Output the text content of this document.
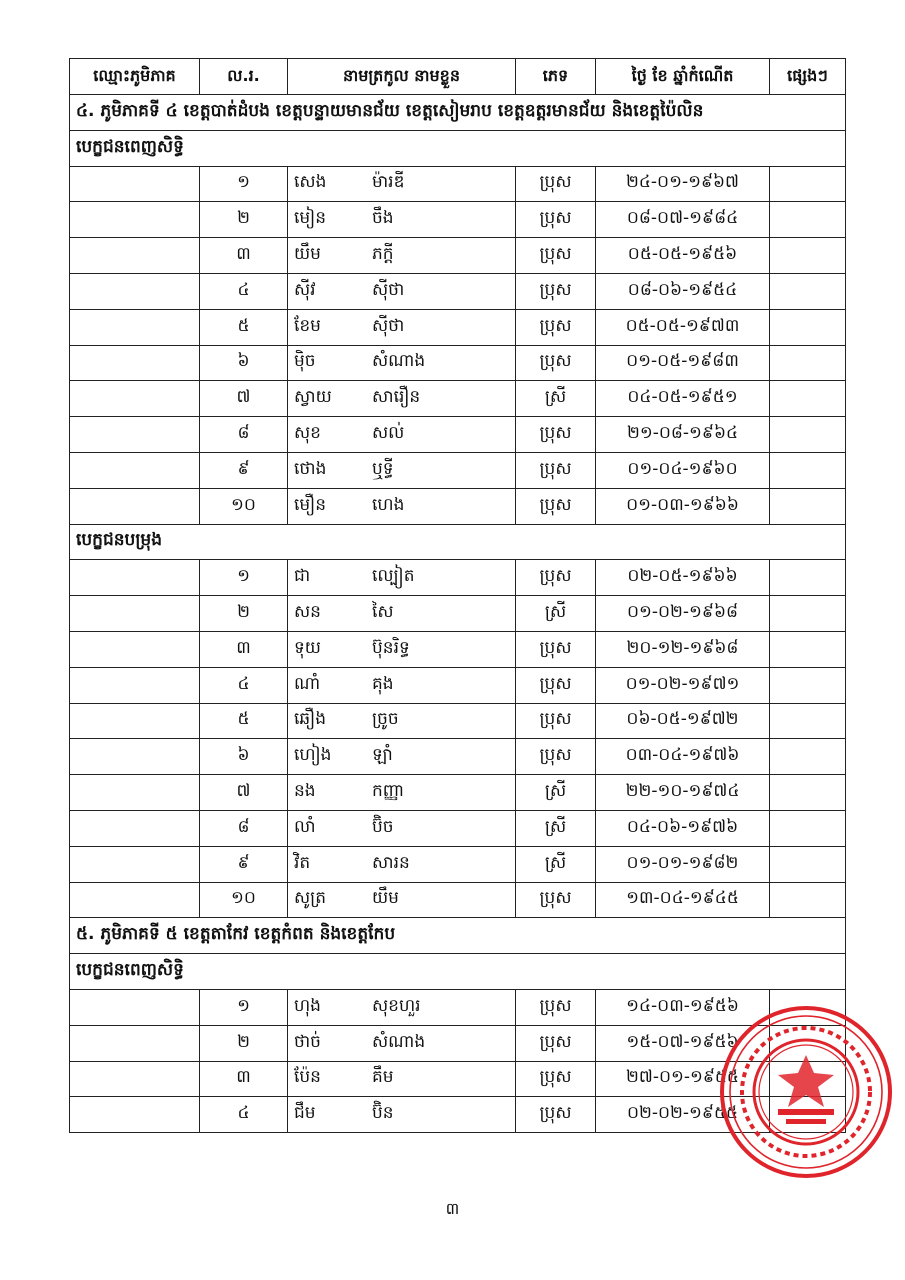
ឈ្មោះភូមិភាគ	ល.រ.	នាមត្រកូល នាមខ្លួន	ភេទ	ថ្ងៃ ខែ ឆ្នាំកំណើត	ផ្សេងៗ
៤. ភូមិភាគទី ៤ ខេត្តបាត់ដំបង ខេត្តបន្ទាយមានជ័យ ខេត្តសៀមរាប ខេត្តឧត្តរមានជ័យ និងខេត្តប៉ៃលិន					
បេក្ខជនពេញសិទ្ធិ					
	១	សេង ម៉ារឌី	ប្រុស	២៤-០១-១៩៦៧	
	២	មៀន ចឹង	ប្រុស	០៨-០៧-១៩៨៤	
	៣	យឹម ភក្តី	ប្រុស	០៥-០៥-១៩៥៦	
	៤	ស៊ីវ ស៊ីថា	ប្រុស	០៨-០៦-១៩៥៤	
	៥	ខែម ស៊ីថា	ប្រុស	០៥-០៥-១៩៧៣	
	៦	ម៉ិច សំណាង	ប្រុស	០១-០៥-១៩៨៣	
	៧	ស្វាយ សារឿន	ស្រី	០៤-០៥-១៩៥១	
	៨	សុខ សល់	ប្រុស	២១-០៨-១៩៦៤	
	៩	ថោង ឬទ្ធី	ប្រុស	០១-០៤-១៩៦០	
	១០	មឿន ហេង	ប្រុស	០១-០៣-១៩៦៦	
បេក្ខជនបម្រុង					
	១	ជា ល្បៀត	ប្រុស	០២-០៥-១៩៦៦	
	២	សន សៃ	ស្រី	០១-០២-១៩៦៨	
	៣	ទុយ ប៊ុនរិទ្ធ	ប្រុស	២០-១២-១៩៦៨	
	៤	ណាំ គុង	ប្រុស	០១-០២-១៩៧១	
	៥	ឆឿង ច្រូច	ប្រុស	០៦-០៥-១៩៧២	
	៦	ហៀង ឡាំ	ប្រុស	០៣-០៤-១៩៧៦	
	៧	នង កញ្ញា	ស្រី	២២-១០-១៩៧៤	
	៨	លាំ ប៊ិច	ស្រី	០៤-០៦-១៩៧៦	
	៩	វិត សារន	ស្រី	០១-០១-១៩៨២	
	១០	សូត្រ យឹម	ប្រុស	១៣-០៤-១៩៤៥	
៥. ភូមិភាគទី ៥ ខេត្តតាកែវ ខេត្តកំពត និងខេត្តកែប					
បេក្ខជនពេញសិទ្ធិ					
	១	ហុង សុខហួរ	ប្រុស	១៤-០៣-១៩៥៦	
	២	ថាច់ សំណាង	ប្រុស	១៥-០៧-១៩៥៦	
	៣	ប៉ែន គឹម	ប្រុស	២៧-០១-១៩៥៥	
	៤	ជឹម ប៊ិន	ប្រុស	០២-០២-១៩៥៥	
៣
